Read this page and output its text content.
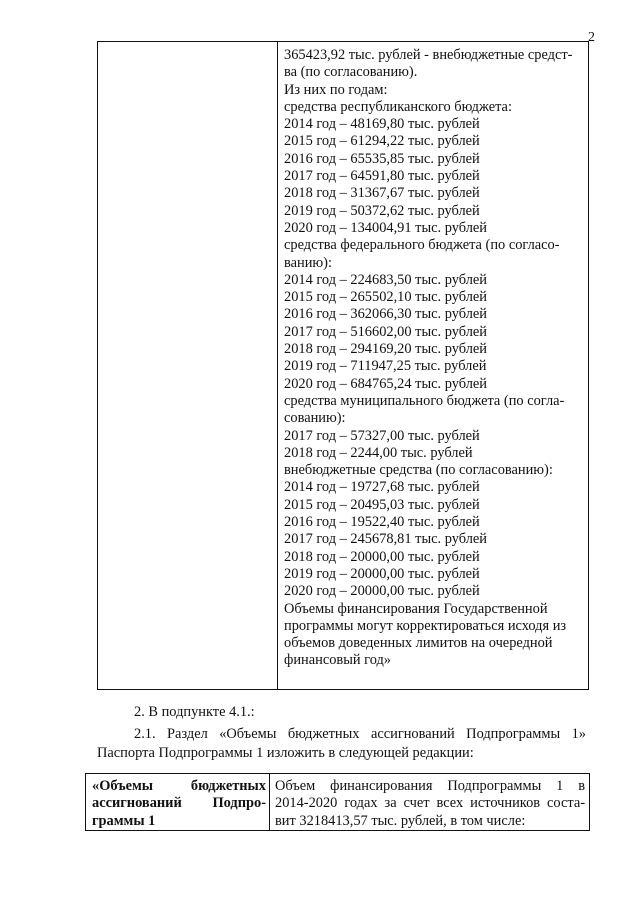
2
365423,92 тыс. рублей - внебюджетные средст-
ва (по согласованию).
Из них по годам:
средства республиканского бюджета:
2014 год – 48169,80 тыс. рублей
2015 год – 61294,22 тыс. рублей
2016 год – 65535,85 тыс. рублей
2017 год – 64591,80 тыс. рублей
2018 год – 31367,67 тыс. рублей
2019 год – 50372,62 тыс. рублей
2020 год – 134004,91 тыс. рублей
средства федерального бюджета (по согласо-
ванию):
2014 год – 224683,50 тыс. рублей
2015 год – 265502,10 тыс. рублей
2016 год – 362066,30 тыс. рублей
2017 год – 516602,00 тыс. рублей
2018 год – 294169,20 тыс. рублей
2019 год – 711947,25 тыс. рублей
2020 год – 684765,24 тыс. рублей
средства муниципального бюджета (по согла-
сованию):
2017 год – 57327,00 тыс. рублей
2018 год – 2244,00 тыс. рублей
внебюджетные средства (по согласованию):
2014 год – 19727,68 тыс. рублей
2015 год – 20495,03 тыс. рублей
2016 год – 19522,40 тыс. рублей
2017 год – 245678,81 тыс. рублей
2018 год – 20000,00 тыс. рублей
2019 год – 20000,00 тыс. рублей
2020 год – 20000,00 тыс. рублей
Объемы финансирования Государственной
программы могут корректироваться исходя из
объемов доведенных лимитов на очередной
финансовый год»
2. В подпункте 4.1.:
2.1. Раздел «Объемы бюджетных ассигнований Подпрограммы 1»
Паспорта Подпрограммы 1 изложить в следующей редакции:
«Объемы бюджетных
ассигнований Подпро-
граммы 1
Объем финансирования Подпрограммы 1 в
2014-2020 годах за счет всех источников соста-
вит 3218413,57 тыс. рублей, в том числе:
